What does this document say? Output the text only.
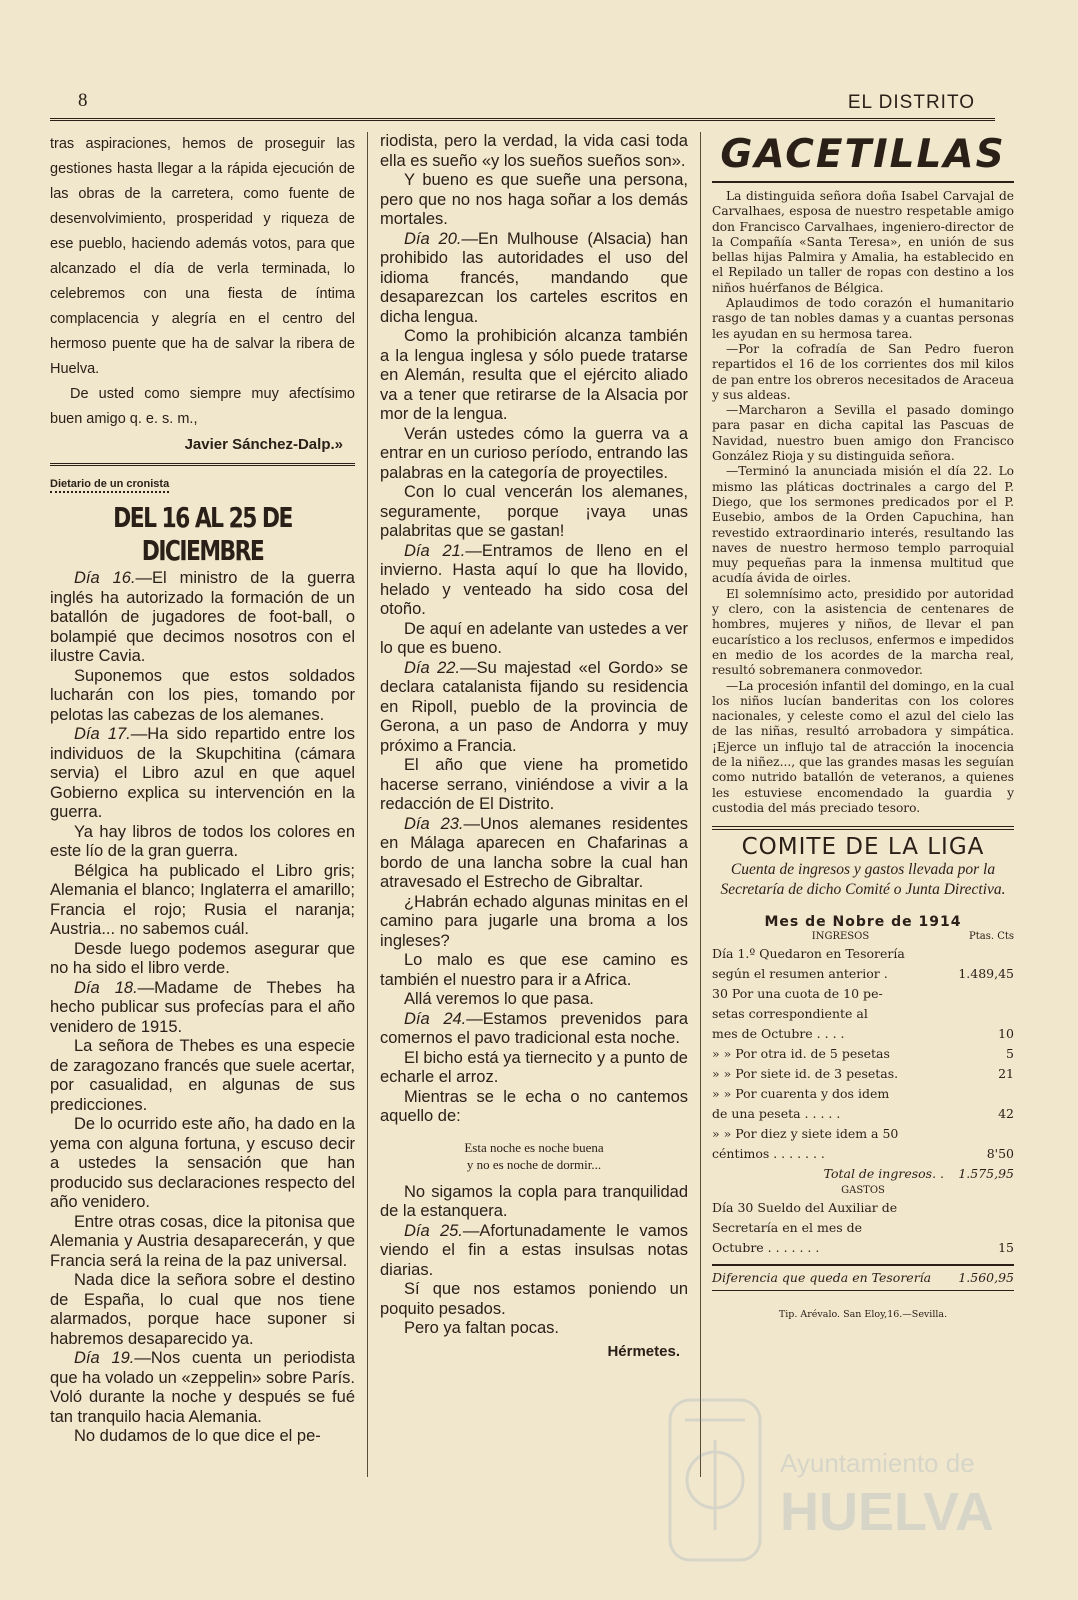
8	EL DISTRITO

tras aspiraciones, hemos de proseguir las gestiones hasta llegar a la rápida ejecución de las obras de la carretera, como fuente de desenvolvimiento, prosperidad y riqueza de ese pueblo, haciendo además votos, para que alcanzado el día de verla terminada, lo celebremos con una fiesta de íntima complacencia y alegría en el centro del hermoso puente que ha de salvar la ribera de Huelva.

De usted como siempre muy afectísimo buen amigo q. e. s. m.,

Javier Sánchez-Dalp.»
Dietario de un cronista
DEL 16 AL 25 DE DICIEMBRE

Día 16.—El ministro de la guerra inglés ha autorizado la formación de un batallón de jugadores de foot-ball, o bolampié que decimos nosotros con el ilustre Cavia.

Suponemos que estos soldados lucharán con los pies, tomando por pelotas las cabezas de los alemanes.

Día 17.—Ha sido repartido entre los individuos de la Skupchitina (cámara servia) el Libro azul en que aquel Gobierno explica su intervención en la guerra.

Ya hay libros de todos los colores en este lío de la gran guerra.

Bélgica ha publicado el Libro gris; Alemania el blanco; Inglaterra el amarillo; Francia el rojo; Rusia el naranja; Austria... no sabemos cuál.

Desde luego podemos asegurar que no ha sido el libro verde.

Día 18.—Madame de Thebes ha hecho publicar sus profecías para el año venidero de 1915.

La señora de Thebes es una especie de zaragozano francés que suele acertar, por casualidad, en algunas de sus predicciones.

De lo ocurrido este año, ha dado en la yema con alguna fortuna, y escuso decir a ustedes la sensación que han producido sus declaraciones respecto del año venidero.

Entre otras cosas, dice la pitonisa que Alemania y Austria desaparecerán, y que Francia será la reina de la paz universal.

Nada dice la señora sobre el destino de España, lo cual que nos tiene alarmados, porque hace suponer si habremos desaparecido ya.

Día 19.—Nos cuenta un periodista que ha volado un «zeppelin» sobre París. Voló durante la noche y después se fué tan tranquilo hacia Alemania.

No dudamos de lo que dice el pe-

riodista, pero la verdad, la vida casi toda ella es sueño «y los sueños sueños son».

Y bueno es que sueñe una persona, pero que no nos haga soñar a los demás mortales.

Día 20.—En Mulhouse (Alsacia) han prohibido las autoridades el uso del idioma francés, mandando que desaparezcan los carteles escritos en dicha lengua.

Como la prohibición alcanza también a la lengua inglesa y sólo puede tratarse en Alemán, resulta que el ejército aliado va a tener que retirarse de la Alsacia por mor de la lengua.

Verán ustedes cómo la guerra va a entrar en un curioso período, entrando las palabras en la categoría de proyectiles.

Con lo cual vencerán los alemanes, seguramente, porque ¡vaya unas palabritas que se gastan!

Día 21.—Entramos de lleno en el invierno. Hasta aquí lo que ha llovido, helado y venteado ha sido cosa del otoño.

De aquí en adelante van ustedes a ver lo que es bueno.

Día 22.—Su majestad «el Gordo» se declara catalanista fijando su residencia en Ripoll, pueblo de la provincia de Gerona, a un paso de Andorra y muy próximo a Francia.

El año que viene ha prometido hacerse serrano, viniéndose a vivir a la redacción de El Distrito.

Día 23.—Unos alemanes residentes en Málaga aparecen en Chafarinas a bordo de una lancha sobre la cual han atravesado el Estrecho de Gibraltar.

¿Habrán echado algunas minitas en el camino para jugarle una broma a los ingleses?

Lo malo es que ese camino es también el nuestro para ir a Africa.

Allá veremos lo que pasa.

Día 24.—Estamos prevenidos para comernos el pavo tradicional esta noche.

El bicho está ya tiernecito y a punto de echarle el arroz.

Mientras se le echa o no cantemos aquello de:

Esta noche es noche buena
y no es noche de dormir...

No sigamos la copla para tranquilidad de la estanquera.

Día 25.—Afortunadamente le vamos viendo el fin a estas insulsas notas diarias.

Sí que nos estamos poniendo un poquito pesados.

Pero ya faltan pocas.

Hérmetes.
GACETILLAS

La distinguida señora doña Isabel Carvajal de Carvalhaes, esposa de nuestro respetable amigo don Francisco Carvalhaes, ingeniero-director de la Compañía «Santa Teresa», en unión de sus bellas hijas Palmira y Amalia, ha establecido en el Repilado un taller de ropas con destino a los niños huérfanos de Bélgica.

Aplaudimos de todo corazón el humanitario rasgo de tan nobles damas y a cuantas personas les ayudan en su hermosa tarea.

—Por la cofradía de San Pedro fueron repartidos el 16 de los corrientes dos mil kilos de pan entre los obreros necesitados de Araceua y sus aldeas.

—Marcharon a Sevilla el pasado domingo para pasar en dicha capital las Pascuas de Navidad, nuestro buen amigo don Francisco González Rioja y su distinguida señora.

—Terminó la anunciada misión el día 22. Lo mismo las pláticas doctrinales a cargo del P. Diego, que los sermones predicados por el P. Eusebio, ambos de la Orden Capuchina, han revestido extraordinario interés, resultando las naves de nuestro hermoso templo parroquial muy pequeñas para la inmensa multitud que acudía ávida de oirles.

El solemnísimo acto, presidido por autoridad y clero, con la asistencia de centenares de hombres, mujeres y niños, de llevar el pan eucarístico a los reclusos, enfermos e impedidos en medio de los acordes de la marcha real, resultó sobremanera conmovedor.

—La procesión infantil del domingo, en la cual los niños lucían banderitas con los colores nacionales, y celeste como el azul del cielo las de las niñas, resultó arrobadora y simpática. ¡Ejerce un influjo tal de atracción la inocencia de la niñez..., que las grandes masas les seguían como nutrido batallón de veteranos, a quienes les estuviese encomendado la guardia y custodia del más preciado tesoro.

COMITE DE LA LIGA
Cuenta de ingresos y gastos llevada por la Secretaría de dicho Comité o Junta Directiva.
Mes de Nobre de 1914
INGRESOS	Ptas. Cts
Día 1.º Quedaron en Tesorería
según el resumen anterior .	1.489,45
30 Por una cuota de 10 pe-
setas correspondiente al
mes de Octubre . . . .	10
» » Por otra id. de 5 pesetas	5
» » Por siete id. de 3 pesetas.	21
» » Por cuarenta y dos idem
de una peseta . . . . .	42
» » Por diez y siete idem a 50
céntimos . . . . . . .	8'50
Total de ingresos. .	1.575,95
GASTOS
Día 30 Sueldo del Auxiliar de
Secretaría en el mes de
Octubre . . . . . . .	15
Diferencia que queda en Tesorería	1.560,95
Tip. Arévalo. San Eloy,16.—Sevilla.
Ayuntamiento de
HUELVA
